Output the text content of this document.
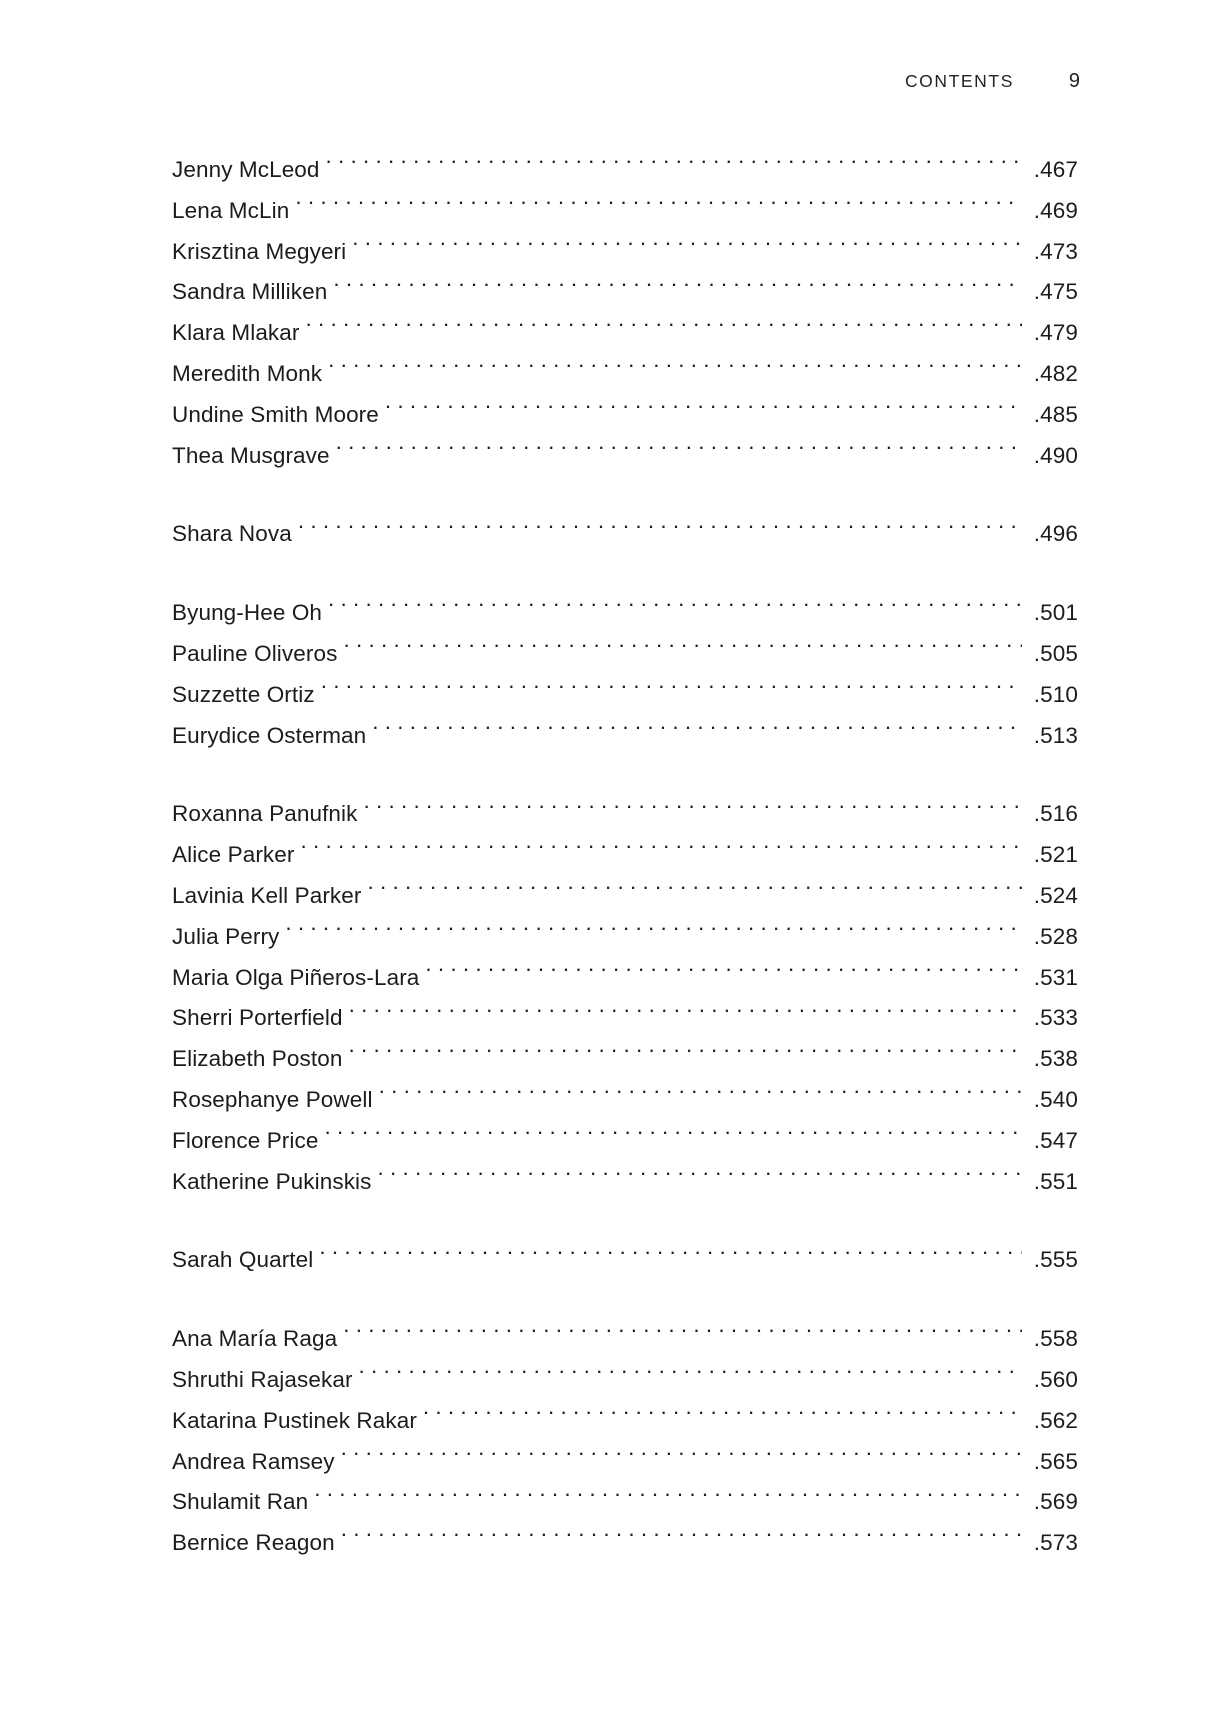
CONTENTS	9
Jenny McLeod . . .	. 467
Lena McLin . . .	. 469
Krisztina Megyeri . . .	. 473
Sandra Milliken . . .	. 475
Klara Mlakar . . .	. 479
Meredith Monk . . .	. 482
Undine Smith Moore . . .	. 485
Thea Musgrave . . .	. 490
Shara Nova . . .	. 496
Byung-Hee Oh . . .	. 501
Pauline Oliveros . . .	. 505
Suzzette Ortiz . . .	. 510
Eurydice Osterman . . .	. 513
Roxanna Panufnik . . .	. 516
Alice Parker . . .	. 521
Lavinia Kell Parker . . .	. 524
Julia Perry . . .	. 528
Maria Olga Piñeros-Lara . . .	. 531
Sherri Porterfield . . .	. 533
Elizabeth Poston . . .	. 538
Rosephanye Powell . . .	. 540
Florence Price . . .	. 547
Katherine Pukinskis . . .	. 551
Sarah Quartel . . .	. 555
Ana María Raga . . .	. 558
Shruthi Rajasekar . . .	. 560
Katarina Pustinek Rakar . . .	. 562
Andrea Ramsey . . .	. 565
Shulamit Ran . . .	. 569
Bernice Reagon . . .	. 573
